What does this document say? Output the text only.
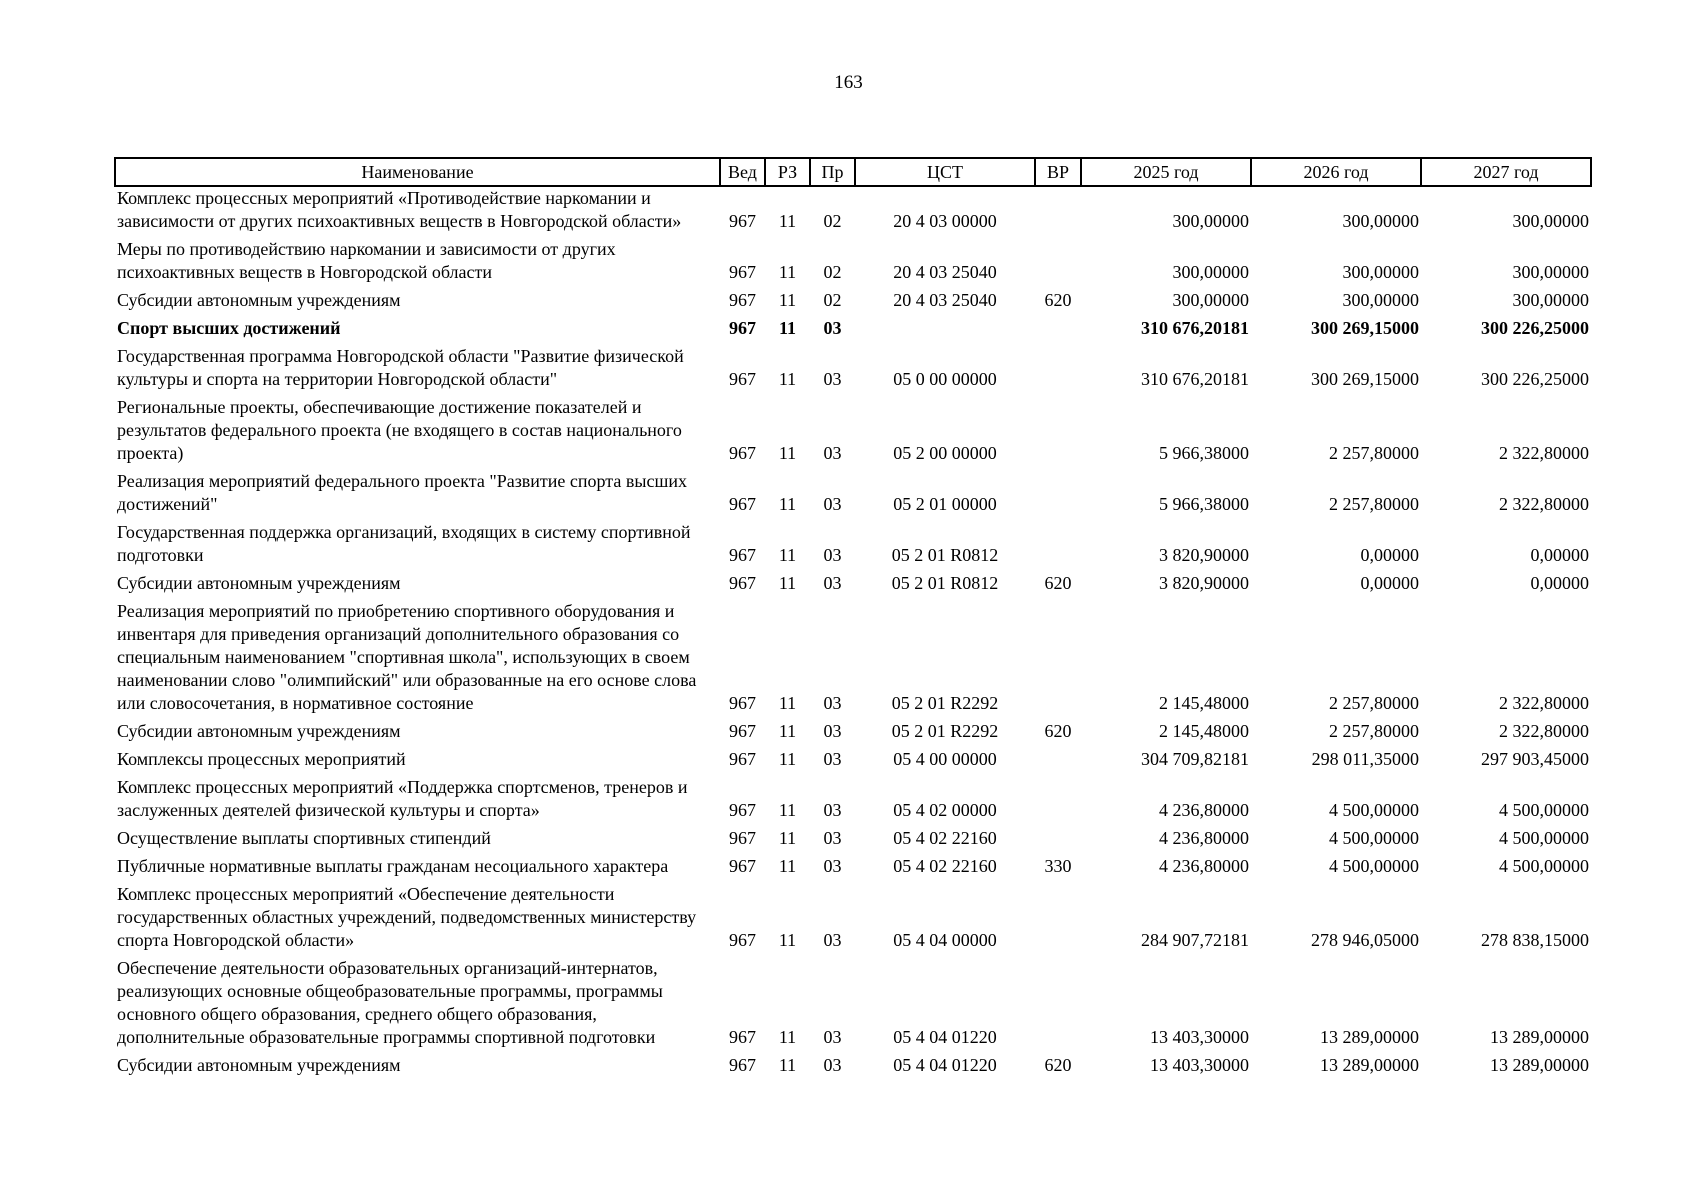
163
Наименование	Вед	РЗ	Пр	ЦСТ	ВР	2025 год	2026 год	2027 год
Комплекс процессных мероприятий «Противодействие наркомании и зависимости от других психоактивных веществ в Новгородской области»	967	11	02	20 4 03 00000		300,00000	300,00000	300,00000
Меры по противодействию наркомании и зависимости от других психоактивных веществ в Новгородской области	967	11	02	20 4 03 25040		300,00000	300,00000	300,00000
Субсидии автономным учреждениям	967	11	02	20 4 03 25040	620	300,00000	300,00000	300,00000
Спорт высших достижений	967	11	03			310 676,20181	300 269,15000	300 226,25000
Государственная программа Новгородской области "Развитие физической культуры и спорта на территории Новгородской области"	967	11	03	05 0 00 00000		310 676,20181	300 269,15000	300 226,25000
Региональные проекты, обеспечивающие достижение показателей и результатов федерального проекта (не входящего в состав национального проекта)	967	11	03	05 2 00 00000		5 966,38000	2 257,80000	2 322,80000
Реализация мероприятий федерального проекта "Развитие спорта высших достижений"	967	11	03	05 2 01 00000		5 966,38000	2 257,80000	2 322,80000
Государственная поддержка организаций, входящих в систему спортивной подготовки	967	11	03	05 2 01 R0812		3 820,90000	0,00000	0,00000
Субсидии автономным учреждениям	967	11	03	05 2 01 R0812	620	3 820,90000	0,00000	0,00000
Реализация мероприятий по приобретению спортивного оборудования и инвентаря для приведения организаций дополнительного образования со специальным наименованием "спортивная школа", использующих в своем наименовании слово "олимпийский" или образованные на его основе слова или словосочетания, в нормативное состояние	967	11	03	05 2 01 R2292		2 145,48000	2 257,80000	2 322,80000
Субсидии автономным учреждениям	967	11	03	05 2 01 R2292	620	2 145,48000	2 257,80000	2 322,80000
Комплексы процессных мероприятий	967	11	03	05 4 00 00000		304 709,82181	298 011,35000	297 903,45000
Комплекс процессных мероприятий «Поддержка спортсменов, тренеров и заслуженных деятелей физической культуры и спорта»	967	11	03	05 4 02 00000		4 236,80000	4 500,00000	4 500,00000
Осуществление выплаты спортивных стипендий	967	11	03	05 4 02 22160		4 236,80000	4 500,00000	4 500,00000
Публичные нормативные выплаты гражданам несоциального характера	967	11	03	05 4 02 22160	330	4 236,80000	4 500,00000	4 500,00000
Комплекс процессных мероприятий «Обеспечение деятельности государственных областных учреждений, подведомственных министерству спорта Новгородской области»	967	11	03	05 4 04 00000		284 907,72181	278 946,05000	278 838,15000
Обеспечение деятельности образовательных организаций-интернатов, реализующих основные общеобразовательные программы, программы основного общего образования, среднего общего образования, дополнительные образовательные программы спортивной подготовки	967	11	03	05 4 04 01220		13 403,30000	13 289,00000	13 289,00000
Субсидии автономным учреждениям	967	11	03	05 4 04 01220	620	13 403,30000	13 289,00000	13 289,00000
